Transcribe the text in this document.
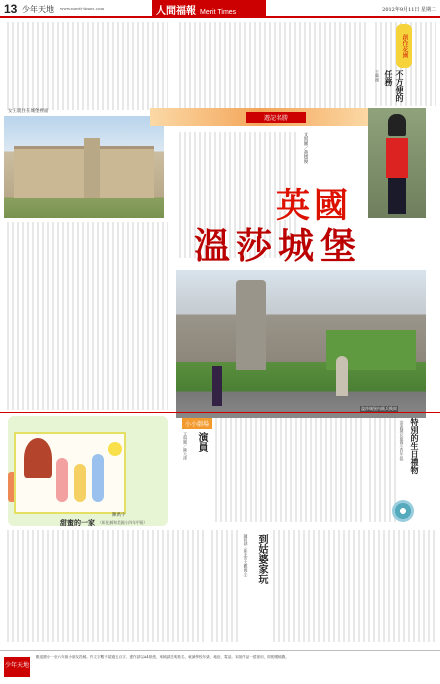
13 少年天地 www.merit-times.com	人間福報 Merit Times	2012年9月11日 星期二
女王就住在城堡裡面
創作花園
不方便的任務
王興國
遊記名勝
文與圖／黃德俊
英國
溫莎城堡
溫莎城堡內衛兵換崗
甜蜜的一家
陳禹宇
（彰化縣和美國小四年甲班）
小小劇場
演員
文與圖／陳大澤	特別的生日禮物
（嘉義縣民雄國小四年級）
到姑婆家玩
陳莉涵（新北市大觀國小）
少年天地
歡迎國小一至六年級小朋友投稿。作文字數不超過五百字，畫作請以A4紙張，來稿請註明姓名、就讀學校年級、地址、電話。本版作品一經採用，即酌贈稿費。
